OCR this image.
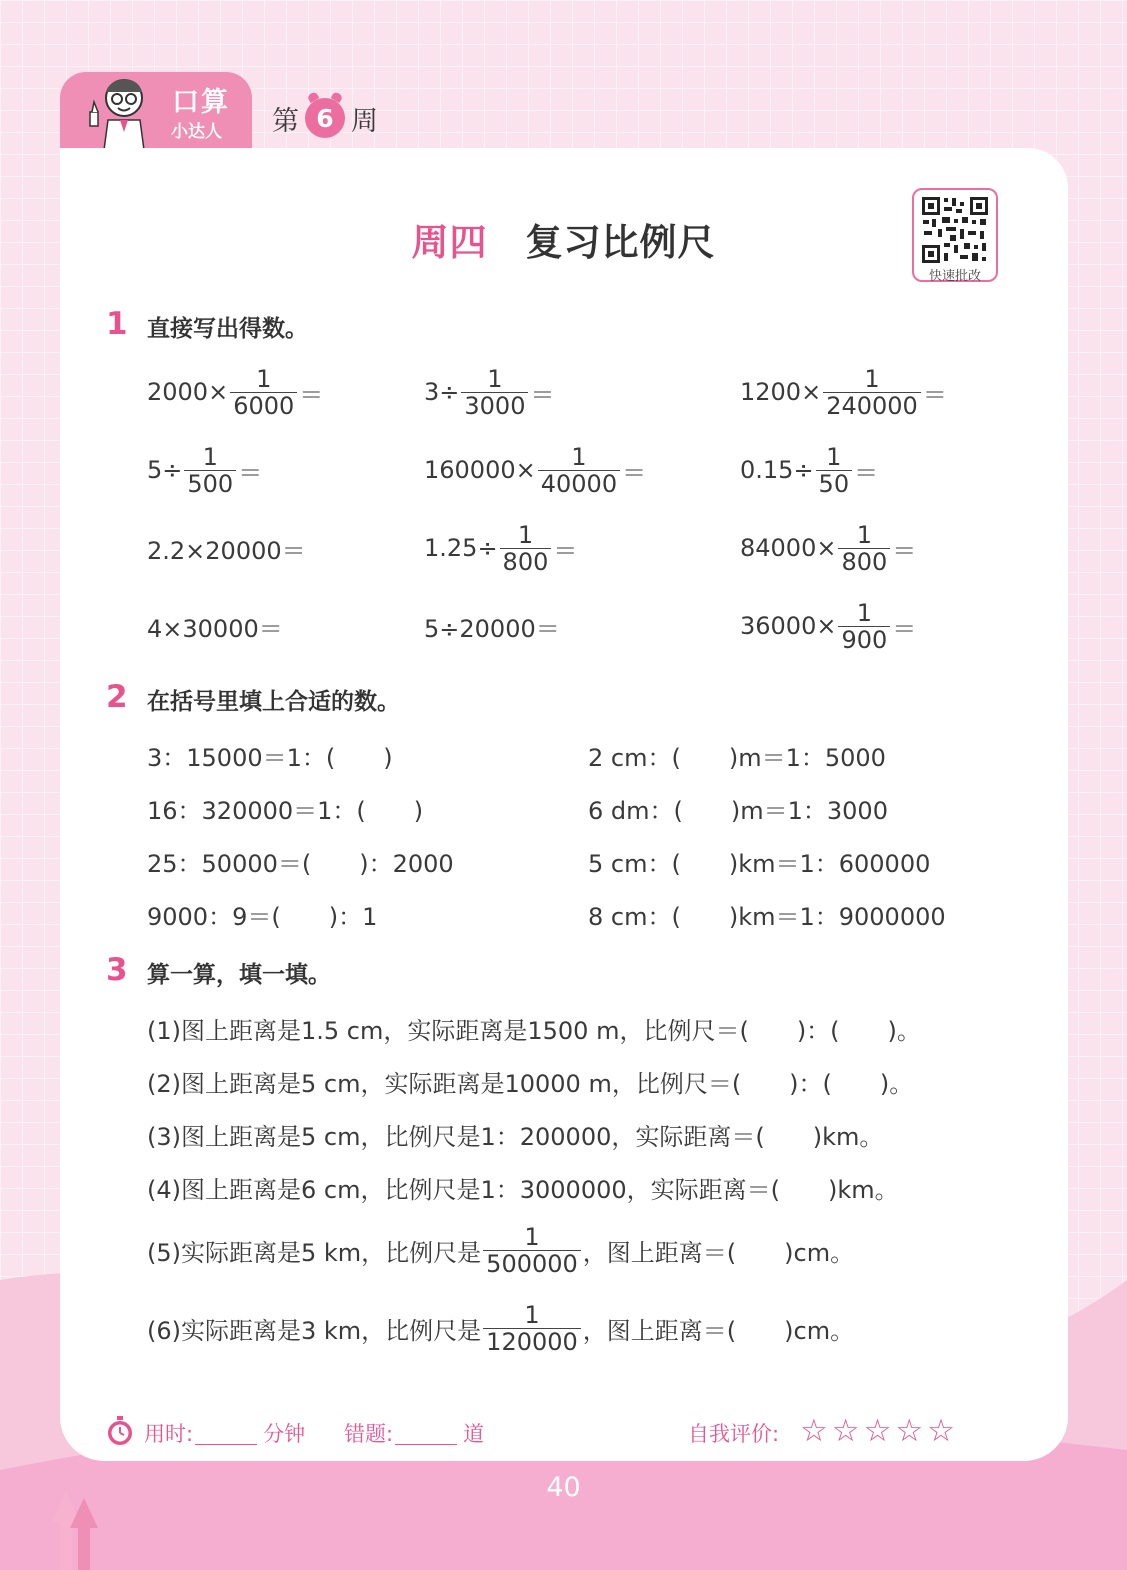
口算
小达人 第 6 周
周四 复习比例尺
快速批改
1 直接写出得数。
$2000\times \frac{1}{6000}$ ＝	$3\div \frac{1}{3000}$ ＝	$1200\times \frac{1}{240000}$ ＝
$5\div \frac{1}{500}$ ＝	$160000\times \frac{1}{40000}$ ＝	$0.15\div \frac{1}{50}$ ＝
2.2×20000＝	$1.25\div \frac{1}{800}$ ＝	$84000\times \frac{1}{800}$ ＝
4×30000＝	5÷20000＝	$36000\times \frac{1}{900}$ ＝
2 在括号里填上合适的数。
3：15000＝1：(　　)	2 cm：(　　)m＝1：5000
16：320000＝1：(　　)	6 dm：(　　)m＝1：3000
25：50000＝(　　)：2000	5 cm：(　　)km＝1：600000
9000：9＝(　　)：1	8 cm：(　　)km＝1：9000000
3 算一算，填一填。
(1)图上距离是1.5 cm，实际距离是1500 m，比例尺＝(　　)：(　　)。
(2)图上距离是5 cm，实际距离是10000 m，比例尺＝(　　)：(　　)。
(3)图上距离是5 cm，比例尺是1：200000，实际距离＝(　　)km。
(4)图上距离是6 cm，比例尺是1：3000000，实际距离＝(　　)km。
(5)实际距离是5 km，比例尺是 $\frac{1}{500000}$ ，图上距离＝(　　)cm。
(6)实际距离是3 km，比例尺是 $\frac{1}{120000}$ ，图上距离＝(　　)cm。
用时:	分钟 错题:	道	自我评价: ☆☆☆☆☆
40
